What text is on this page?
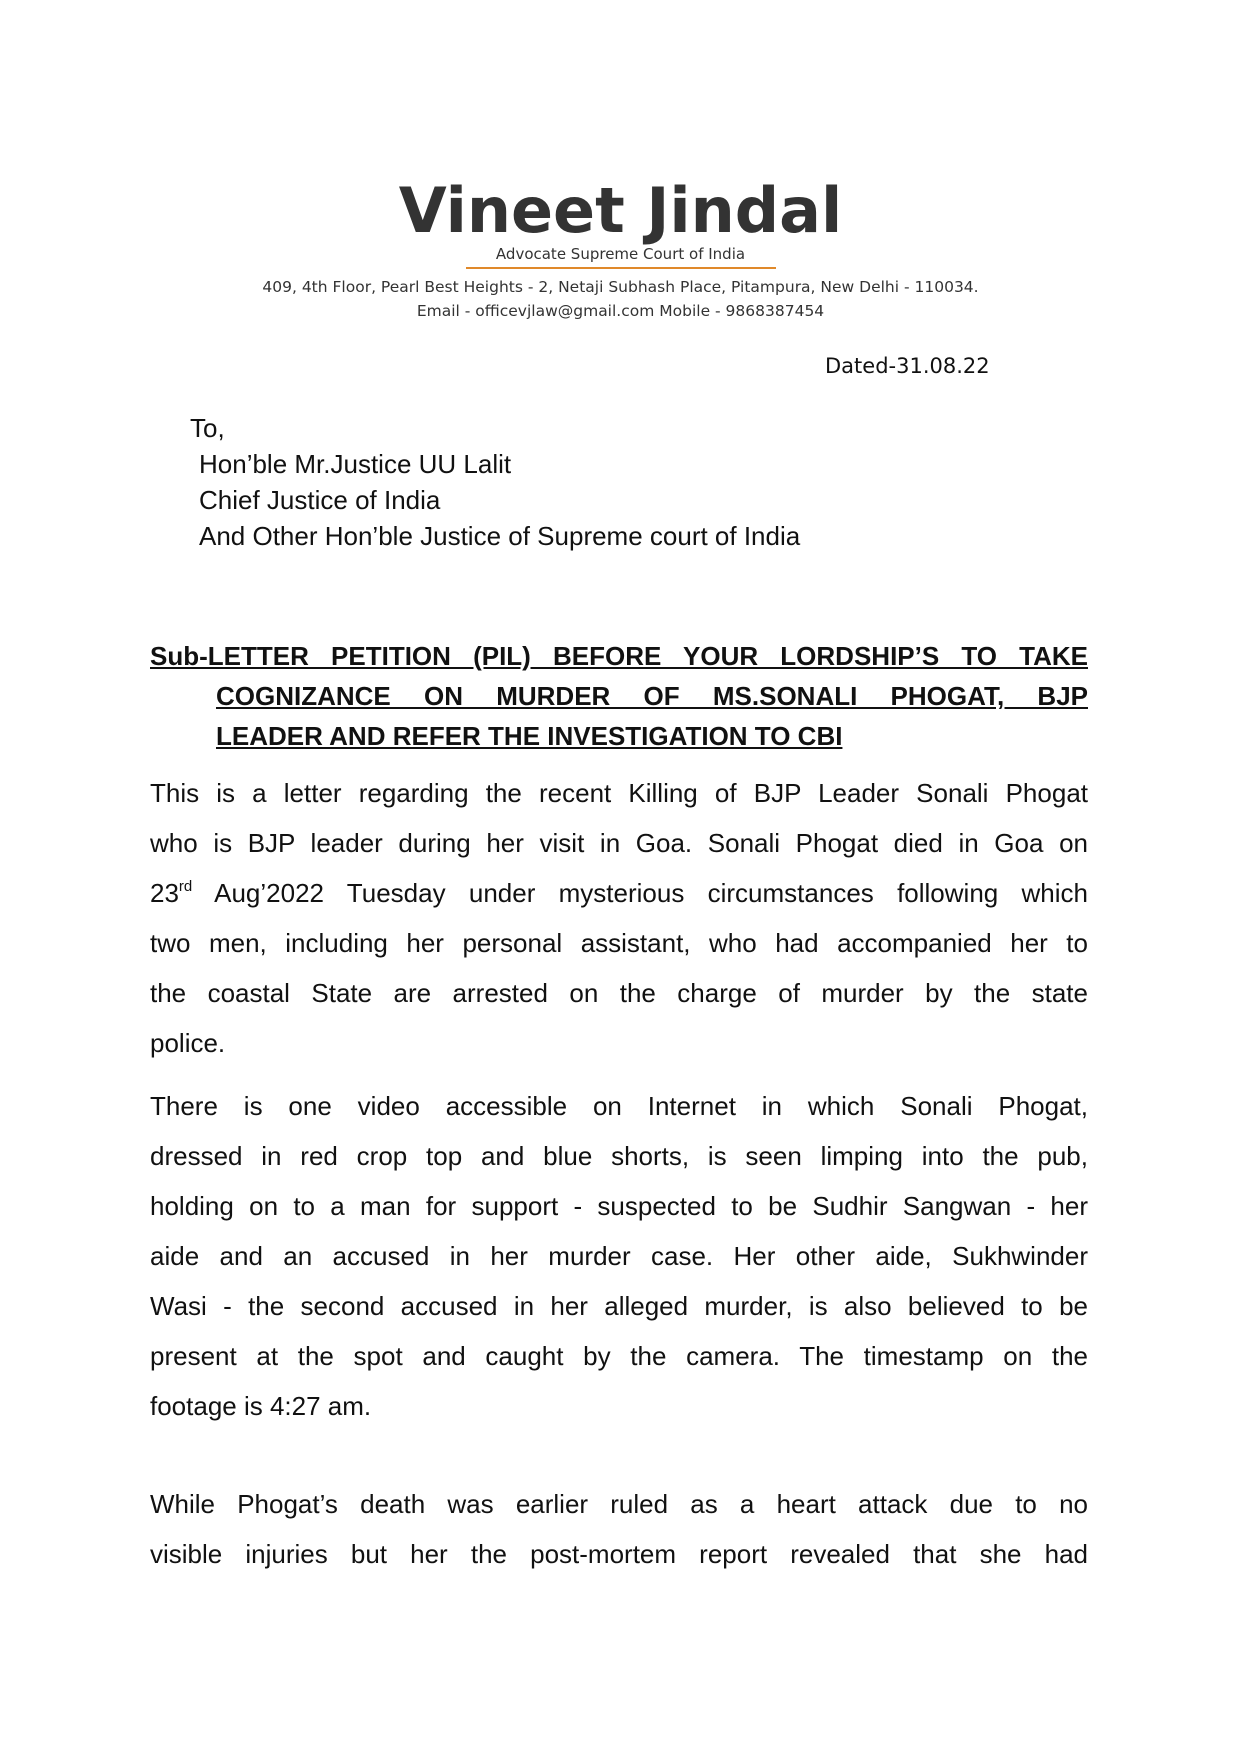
Vineet Jindal
Advocate Supreme Court of India
409, 4th Floor, Pearl Best Heights - 2, Netaji Subhash Place, Pitampura, New Delhi - 110034.
Email - officevjlaw@gmail.com Mobile - 9868387454
Dated-31.08.22
To,
Hon’ble Mr.Justice UU Lalit
Chief Justice of India
And Other Hon’ble Justice of Supreme court of India
Sub-LETTER PETITION (PIL) BEFORE YOUR LORDSHIP’S TO TAKE
COGNIZANCE ON MURDER OF MS.SONALI PHOGAT, BJP
LEADER AND REFER THE INVESTIGATION TO CBI
This is a letter regarding the recent Killing of BJP Leader Sonali Phogat
who is BJP leader during her visit in Goa. Sonali Phogat died in Goa on
23rd Aug’2022 Tuesday under mysterious circumstances following which
two men, including her personal assistant, who had accompanied her to
the coastal State are arrested on the charge of murder by the state
police.
There is one video accessible on Internet in which Sonali Phogat,
dressed in red crop top and blue shorts, is seen limping into the pub,
holding on to a man for support - suspected to be Sudhir Sangwan - her
aide and an accused in her murder case. Her other aide, Sukhwinder
Wasi - the second accused in her alleged murder, is also believed to be
present at the spot and caught by the camera. The timestamp on the
footage is 4:27 am.
While Phogat’s death was earlier ruled as a heart attack due to no
visible injuries but her the post-mortem report revealed that she had
